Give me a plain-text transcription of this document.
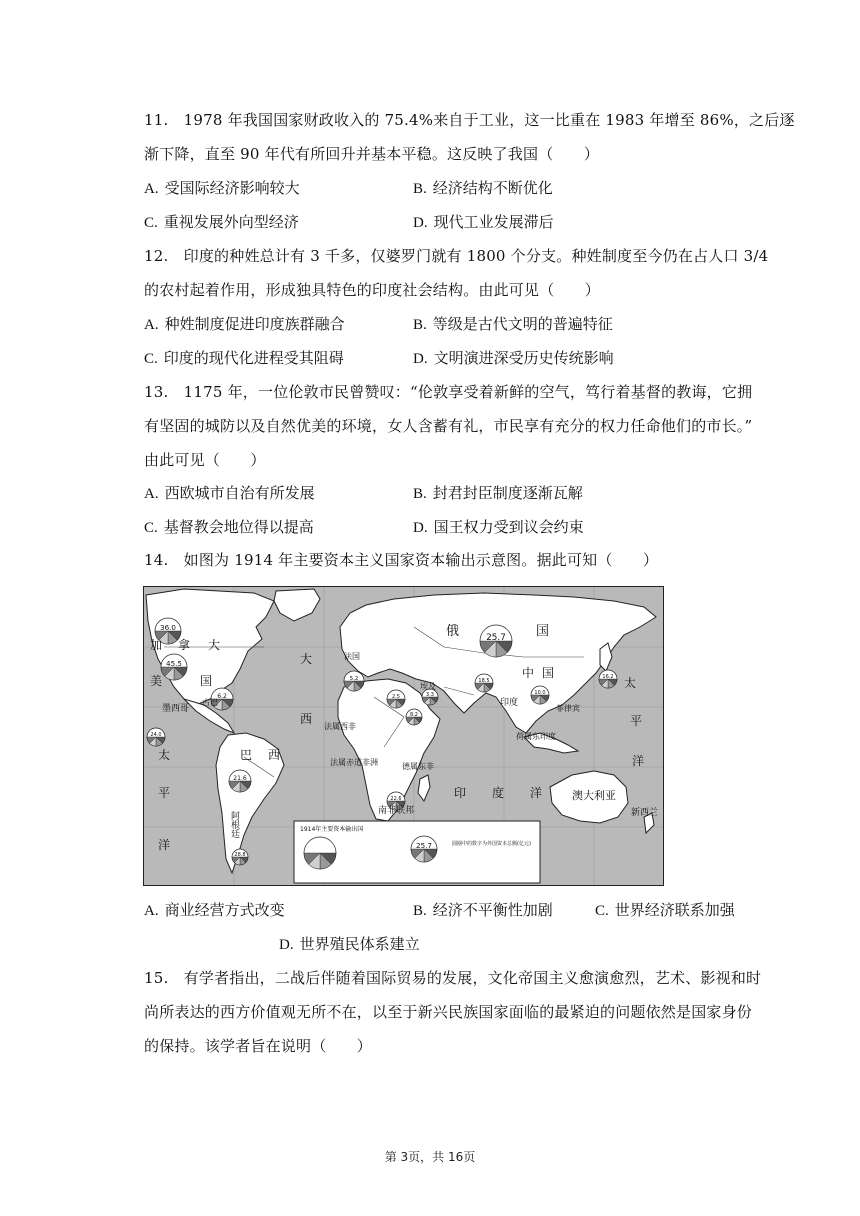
11.　1978 年我国国家财政收入的 75.4%来自于工业，这一比重在 1983 年增至 86%，之后逐
渐下降，直至 90 年代有所回升并基本平稳。这反映了我国（　　）
A. 受国际经济影响较大	B. 经济结构不断优化
C. 重视发展外向型经济	D. 现代工业发展滞后
12.　印度的种姓总计有 3 千多，仅婆罗门就有 1800 个分支。种姓制度至今仍在占人口 3/4
的农村起着作用，形成独具特色的印度社会结构。由此可见（　　）
A. 种姓制度促进印度族群融合	B. 等级是古代文明的普遍特征
C. 印度的现代化进程受其阻碍	D. 文明演进深受历史传统影响
13.　1175 年，一位伦敦市民曾赞叹：“伦敦享受着新鲜的空气，笃行着基督的教诲，它拥
有坚固的城防以及自然优美的环境，女人含蓄有礼，市民享有充分的权力任命他们的市长。”
由此可见（　　）
A. 西欧城市自治有所发展	B. 封君封臣制度逐渐瓦解
C. 基督教会地位得以提高	D. 国王权力受到议会约束
14.　如图为 1914 年主要资本主义国家资本输出示意图。据此可知（　　）
36.0
45.5
6.2
5.2
2.5	3.3
18.5
25.7
10.0
21.6
8.2
16.2
22.6
24.0
28.8
俄	国
加 拿 大
美	国
大
西
太
平
洋
太
平
洋
中 国
印度
印 度 洋
巴 西
阿根廷
澳大利亚
新西兰
南非联邦
菲律宾
法属西非
法属赤道非洲	德属东非
荷属东印度
法国
埃及
墨西哥
古巴
1914年主要资本输出国
25.7	圆圈中的数字为外国资本总额(亿元)
A. 商业经营方式改变	B. 经济不平衡性加剧	C. 世界经济联系加强
D. 世界殖民体系建立
15.　有学者指出，二战后伴随着国际贸易的发展，文化帝国主义愈演愈烈，艺术、影视和时
尚所表达的西方价值观无所不在，以至于新兴民族国家面临的最紧迫的问题依然是国家身份
的保持。该学者旨在说明（　　）
第 3页，共 16页
